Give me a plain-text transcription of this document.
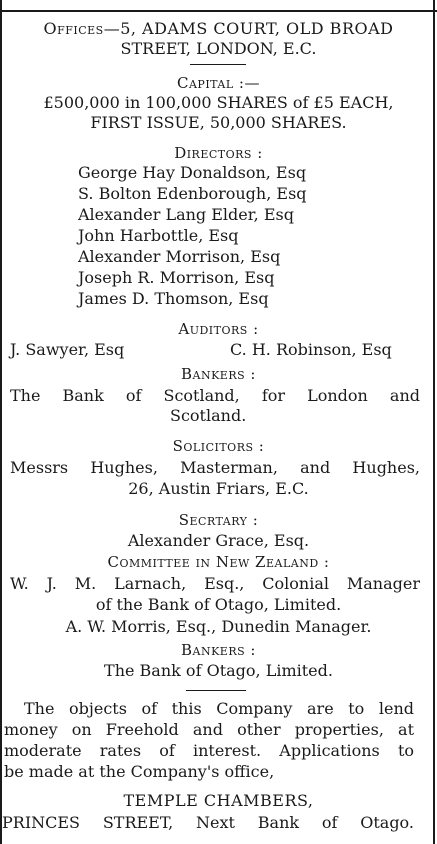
Offices—5, ADAMS COURT, OLD BROAD
STREET, LONDON, E.C.
Capital :—
£500,000 in 100,000 SHARES of £5 EACH,
FIRST ISSUE, 50,000 SHARES.
Directors :
George Hay Donaldson, Esq
S. Bolton Edenborough, Esq
Alexander Lang Elder, Esq
John Harbottle, Esq
Alexander Morrison, Esq
Joseph R. Morrison, Esq
James D. Thomson, Esq
Auditors :
J. Sawyer, Esq	C. H. Robinson, Esq
Bankers :
The Bank of Scotland, for London and
Scotland.
Solicitors :
Messrs Hughes, Masterman, and Hughes,
26, Austin Friars, E.C.
Secrtary :
Alexander Grace, Esq.
Committee in New Zealand :
W. J. M. Larnach, Esq., Colonial Manager
of the Bank of Otago, Limited.
A. W. Morris, Esq., Dunedin Manager.
Bankers :
The Bank of Otago, Limited.
The objects of this Company are to lend
money on Freehold and other properties, at
moderate rates of interest. Applications to
be made at the Company's office,
TEMPLE CHAMBERS,
PRINCES STREET, Next Bank of Otago.
